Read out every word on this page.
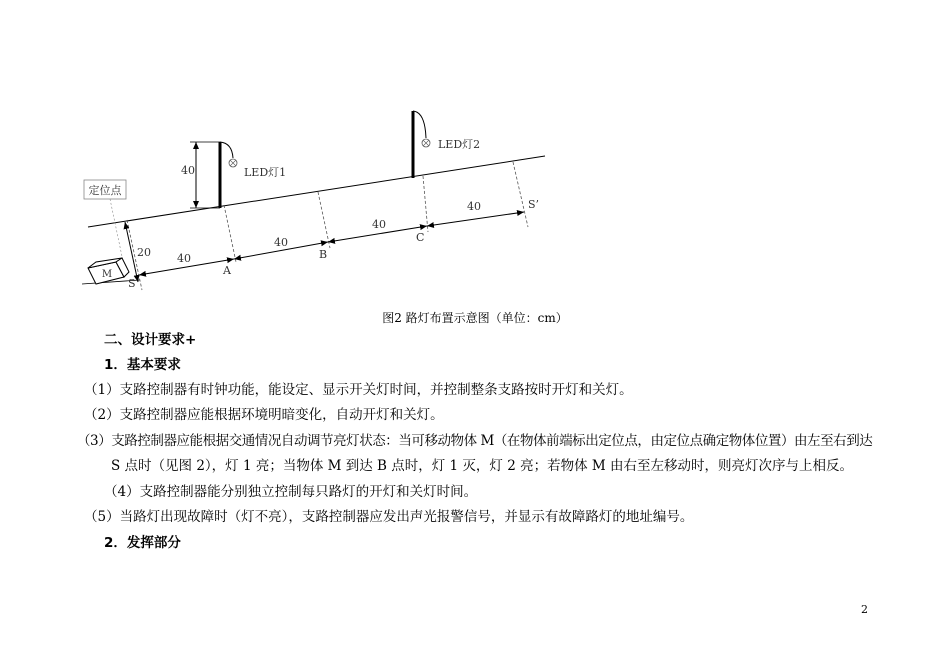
定位点
M
S
A
B
C
S’
LED灯1
LED灯2
40
20 40
40
40
40
图2 路灯布置示意图（单位：cm）
二、设计要求+
1．基本要求
（1）支路控制器有时钟功能，能设定、显示开关灯时间，并控制整条支路按时开灯和关灯。
（2）支路控制器应能根据环境明暗变化，自动开灯和关灯。
（3）支路控制器应能根据交通情况自动调节亮灯状态：当可移动物体 M（在物体前端标出定位点，由定位点确定物体位置）由左至右到达
S 点时（见图 2），灯 1 亮；当物体 M 到达 B 点时，灯 1 灭，灯 2 亮；若物体 M 由右至左移动时，则亮灯次序与上相反。
（4）支路控制器能分别独立控制每只路灯的开灯和关灯时间。
（5）当路灯出现故障时（灯不亮），支路控制器应发出声光报警信号，并显示有故障路灯的地址编号。
2．发挥部分
2
